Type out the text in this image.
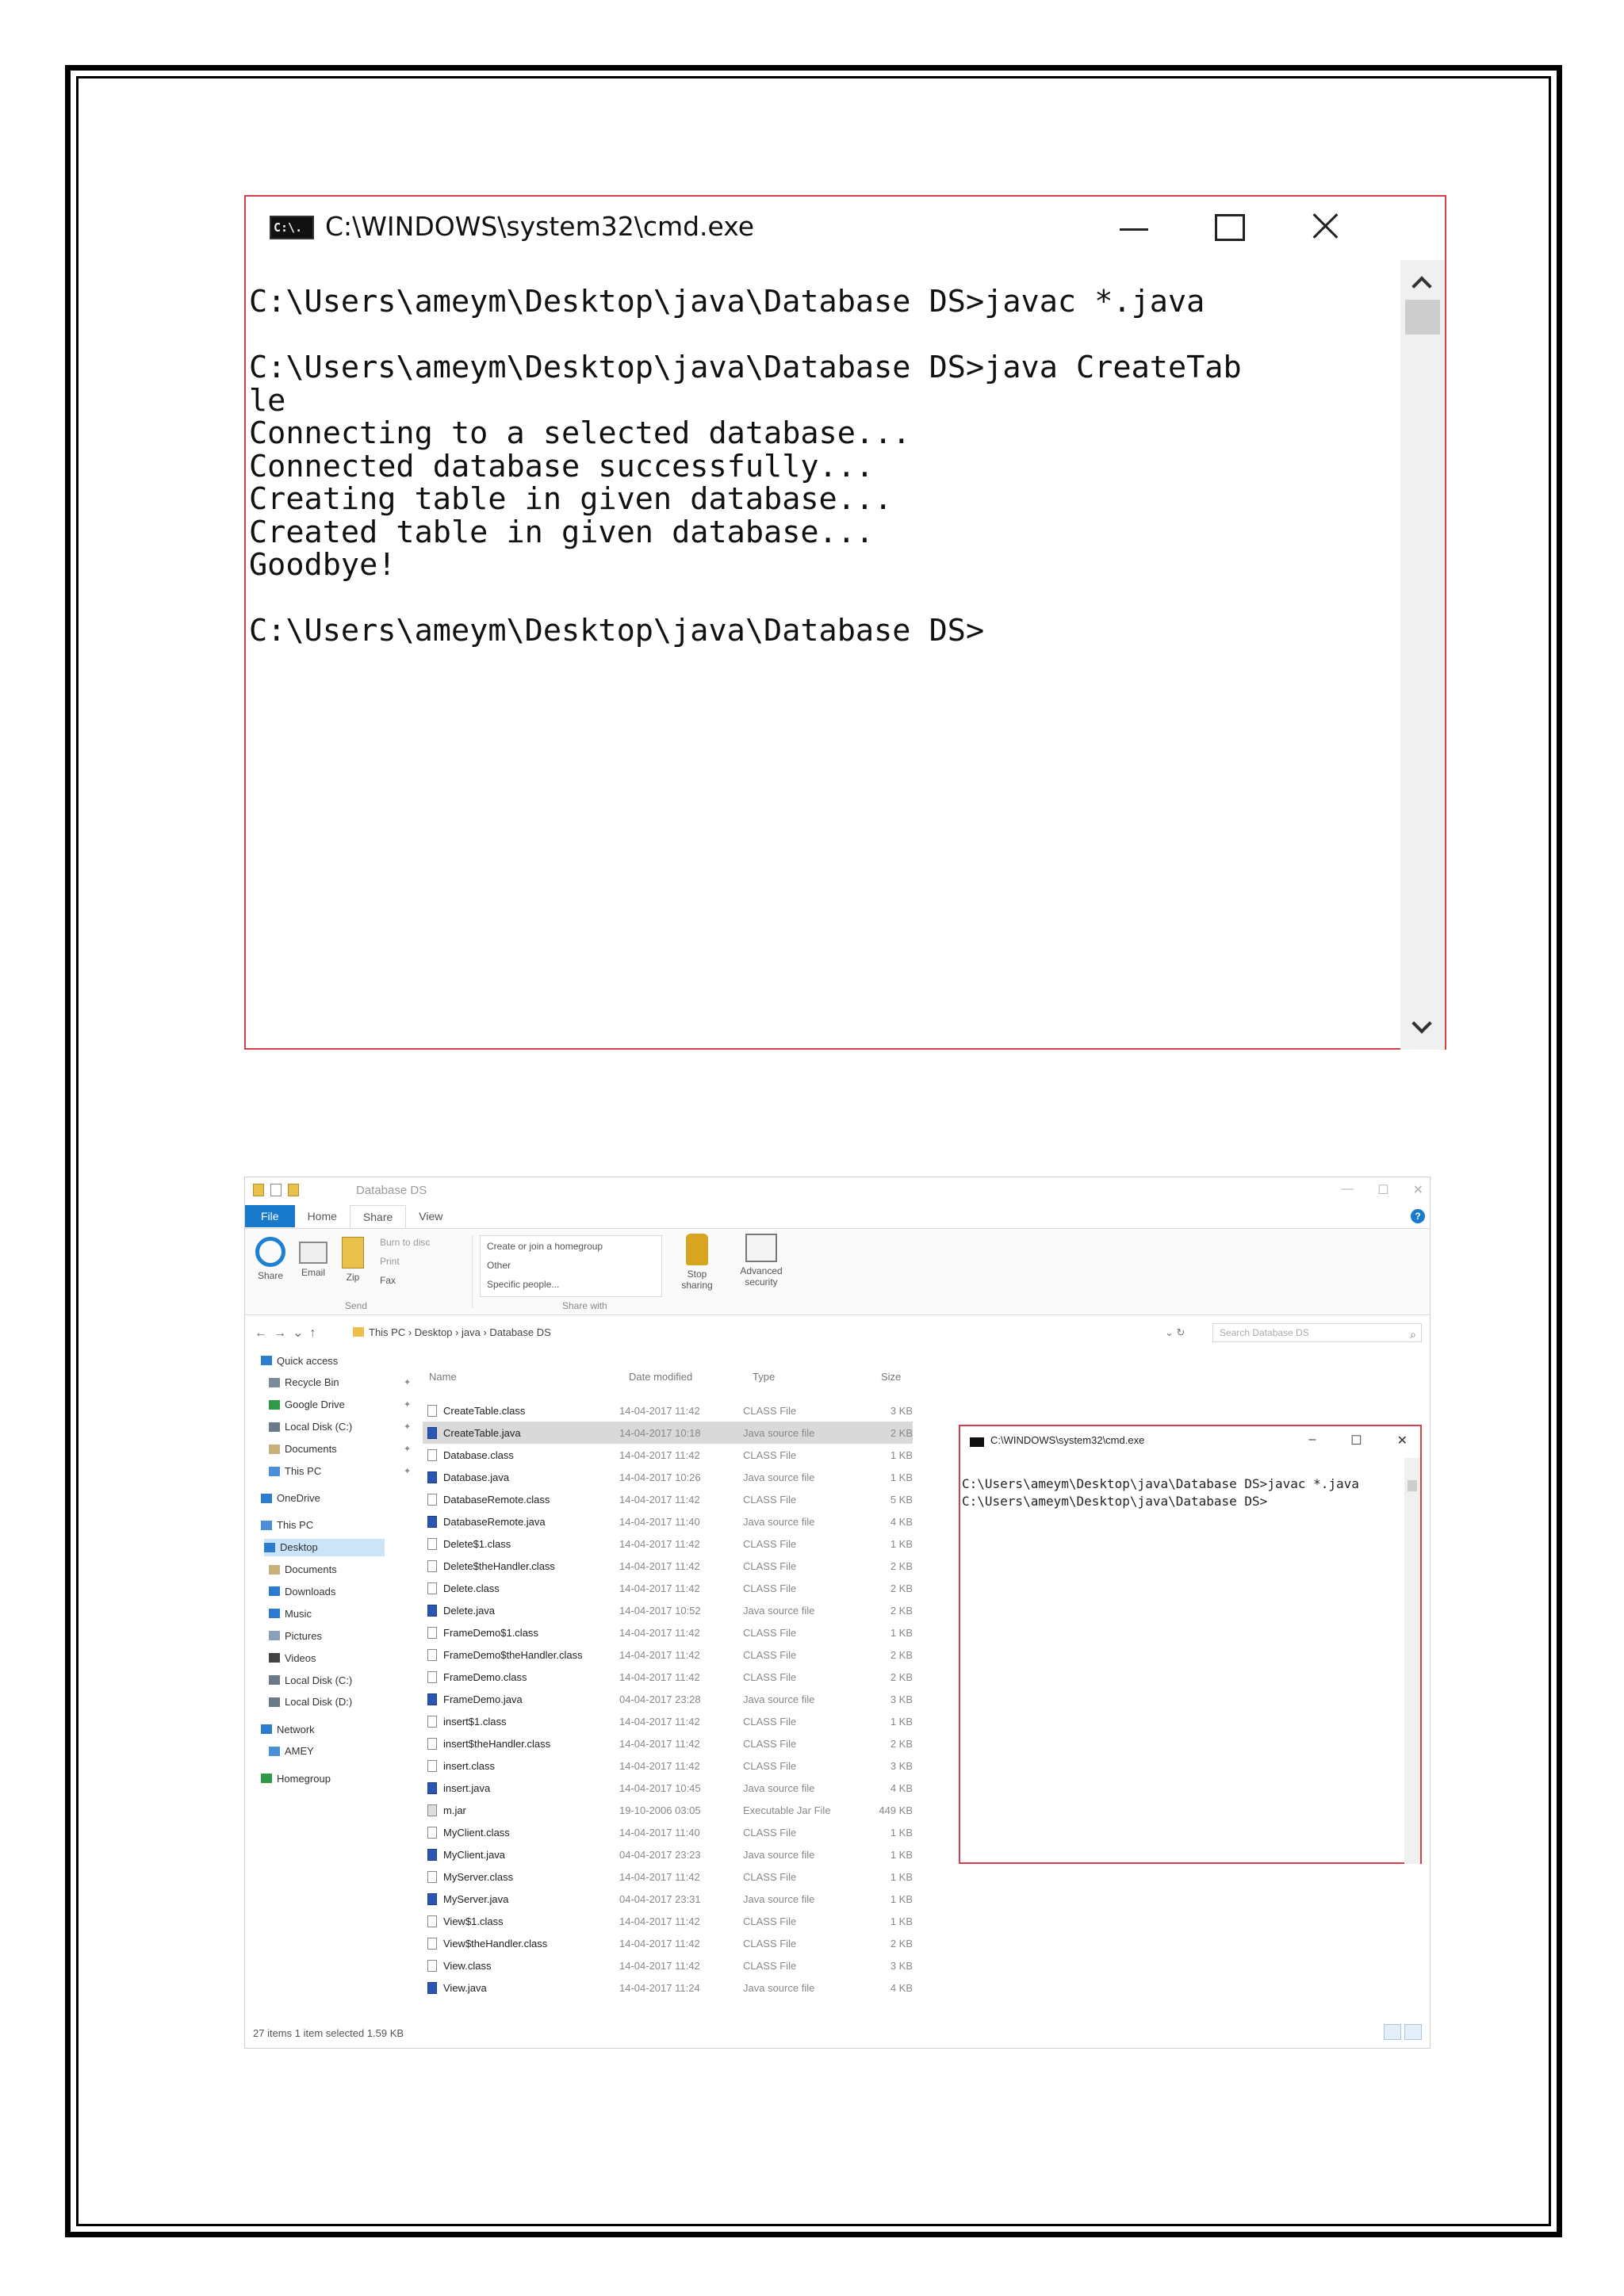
C:\. C:\WINDOWS\system32\cmd.exe
C:\Users\ameym\Desktop\java\Database DS>javac *.java
C:\Users\ameym\Desktop\java\Database DS>java CreateTab
le
Connecting to a selected database...
Connected database successfully...
Creating table in given database...
Created table in given database...
Goodbye!
C:\Users\ameym\Desktop\java\Database DS>
Database DS	— ☐ ✕
File	Home	Share	View	?
Share	Email	Zip
Burn to disc
Print
Fax
Send
Create or join a homegroup
Other
Specific people...
Share with
Stop sharing
Advanced security
←→⌄↑	This PC › Desktop › java › Database DS	⌄ ↻	Search Database DS	⌕
Quick access
Recycle Bin	✦
Google Drive	✦
Local Disk (C:)	✦
Documents	✦
This PC	✦
OneDrive
This PC
Desktop
Documents
Downloads
Music
Pictures
Videos
Local Disk (C:)
Local Disk (D:)
Network
AMEY
Homegroup
Name	Date modified	Type	Size
CreateTable.class	14-04-2017 11:42	CLASS File	3 KB
CreateTable.java	14-04-2017 10:18	Java source file	2 KB
Database.class	14-04-2017 11:42	CLASS File	1 KB
Database.java	14-04-2017 10:26	Java source file	1 KB
DatabaseRemote.class	14-04-2017 11:42	CLASS File	5 KB
DatabaseRemote.java	14-04-2017 11:40	Java source file	4 KB
Delete$1.class	14-04-2017 11:42	CLASS File	1 KB
Delete$theHandler.class	14-04-2017 11:42	CLASS File	2 KB
Delete.class	14-04-2017 11:42	CLASS File	2 KB
Delete.java	14-04-2017 10:52	Java source file	2 KB
FrameDemo$1.class	14-04-2017 11:42	CLASS File	1 KB
FrameDemo$theHandler.class	14-04-2017 11:42	CLASS File	2 KB
FrameDemo.class	14-04-2017 11:42	CLASS File	2 KB
FrameDemo.java	04-04-2017 23:28	Java source file	3 KB
insert$1.class	14-04-2017 11:42	CLASS File	1 KB
insert$theHandler.class	14-04-2017 11:42	CLASS File	2 KB
insert.class	14-04-2017 11:42	CLASS File	3 KB
insert.java	14-04-2017 10:45	Java source file	4 KB
m.jar	19-10-2006 03:05	Executable Jar File	449 KB
MyClient.class	14-04-2017 11:40	CLASS File	1 KB
MyClient.java	04-04-2017 23:23	Java source file	1 KB
MyServer.class	14-04-2017 11:42	CLASS File	1 KB
MyServer.java	04-04-2017 23:31	Java source file	1 KB
View$1.class	14-04-2017 11:42	CLASS File	1 KB
View$theHandler.class	14-04-2017 11:42	CLASS File	2 KB
View.class	14-04-2017 11:42	CLASS File	3 KB
View.java	14-04-2017 11:24	Java source file	4 KB
C:\WINDOWS\system32\cmd.exe	–	☐	✕
C:\Users\ameym\Desktop\java\Database DS>javac *.java
C:\Users\ameym\Desktop\java\Database DS>
27 items 1 item selected 1.59 KB
